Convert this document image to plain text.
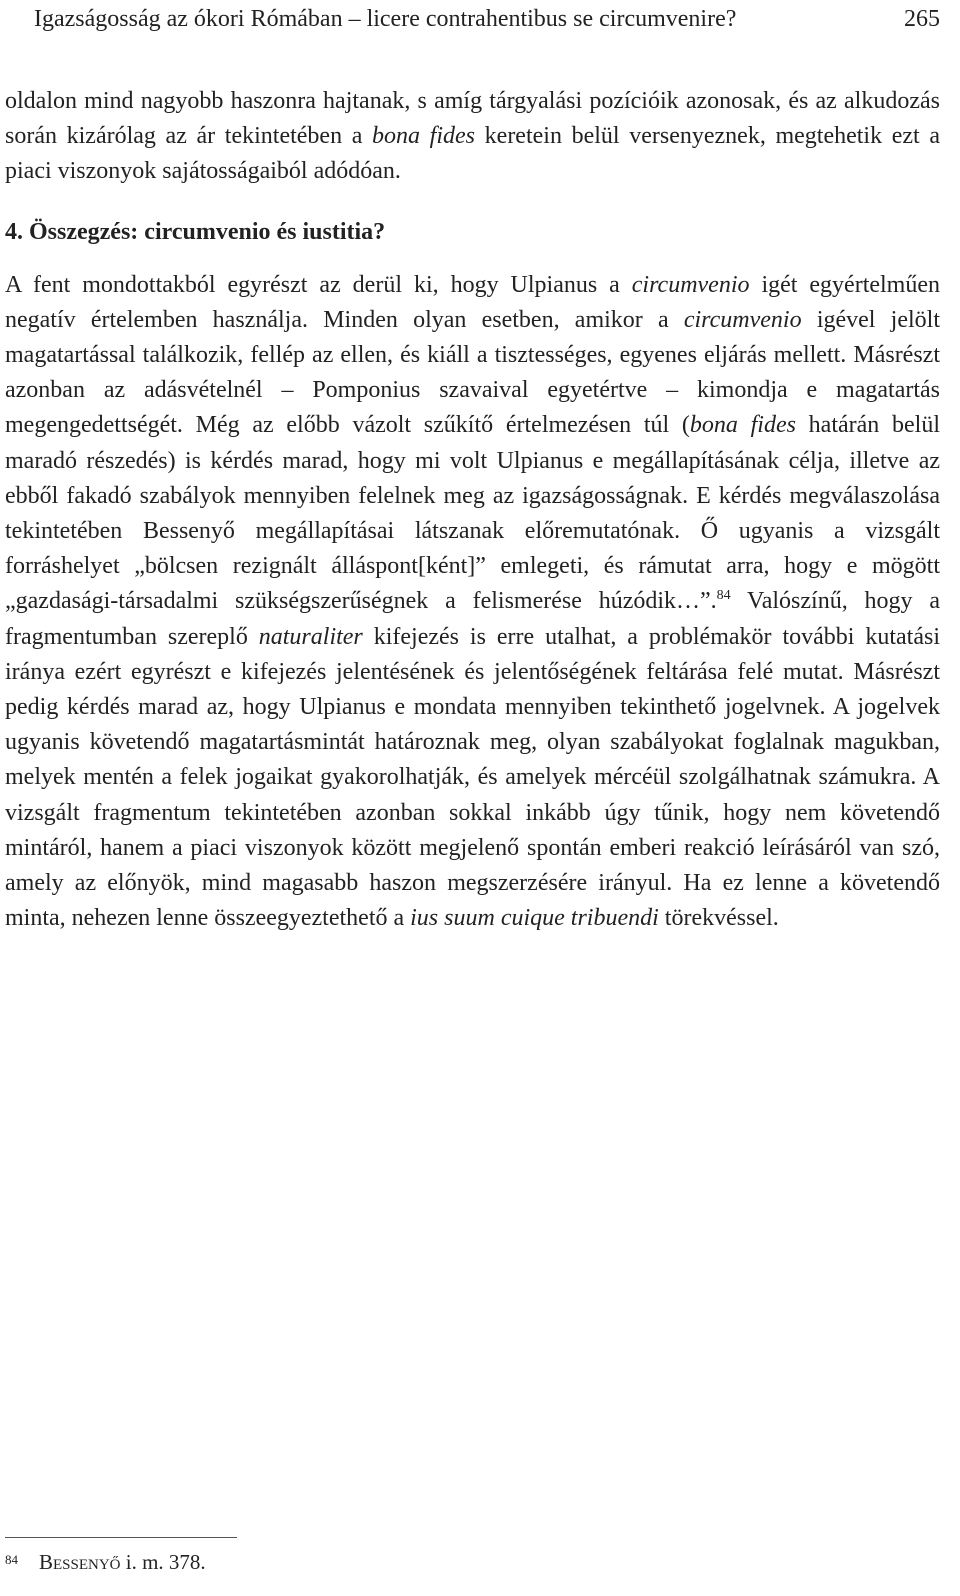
Igazságosság az ókori Rómában – licere contrahentibus se circumvenire?	265

oldalon mind nagyobb haszonra hajtanak, s amíg tárgyalási pozícióik azonosak, és az alkudozás során kizárólag az ár tekintetében a bona fides keretein belül versenyeznek, megtehetik ezt a piaci viszonyok sajátosságaiból adódóan.

4. Összegzés: circumvenio és iustitia?

A fent mondottakból egyrészt az derül ki, hogy Ulpianus a circumvenio igét egyértelműen negatív értelemben használja. Minden olyan esetben, amikor a circumvenio igével jelölt magatartással találkozik, fellép az ellen, és kiáll a tisztességes, egyenes eljárás mellett. Másrészt azonban az adásvételnél – Pomponius szavaival egyetértve – kimondja e magatartás megengedettségét. Még az előbb vázolt szűkítő értelmezésen túl (bona fides határán belül maradó részedés) is kérdés marad, hogy mi volt Ulpianus e megállapításának célja, illetve az ebből fakadó szabályok mennyiben felelnek meg az igazságosságnak. E kérdés megválaszolása tekintetében Bessenyő megállapításai látszanak előremutatónak. Ő ugyanis a vizsgált forráshelyet „bölcsen rezignált álláspont[ként]” emlegeti, és rámutat arra, hogy e mögött „gazdasági-társadalmi szükségszerűségnek a felismerése húzódik…”.$^{84}$ Valószínű, hogy a fragmentumban szereplő naturaliter kifejezés is erre utalhat, a problémakör további kutatási iránya ezért egyrészt e kifejezés jelentésének és jelentőségének feltárása felé mutat. Másrészt pedig kérdés marad az, hogy Ulpianus e mondata mennyiben tekinthető jogelvnek. A jogelvek ugyanis követendő magatartásmintát határoznak meg, olyan szabályokat foglalnak magukban, melyek mentén a felek jogaikat gyakorolhatják, és amelyek mércéül szolgálhatnak számukra. A vizsgált fragmentum tekintetében azonban sokkal inkább úgy tűnik, hogy nem követendő mintáról, hanem a piaci viszonyok között megjelenő spontán emberi reakció leírásáról van szó, amely az előnyök, mind magasabb haszon megszerzésére irányul. Ha ez lenne a követendő minta, nehezen lenne összeegyeztethető a ius suum cuique tribuendi törekvéssel.

84 Bessenyő i. m. 378.
